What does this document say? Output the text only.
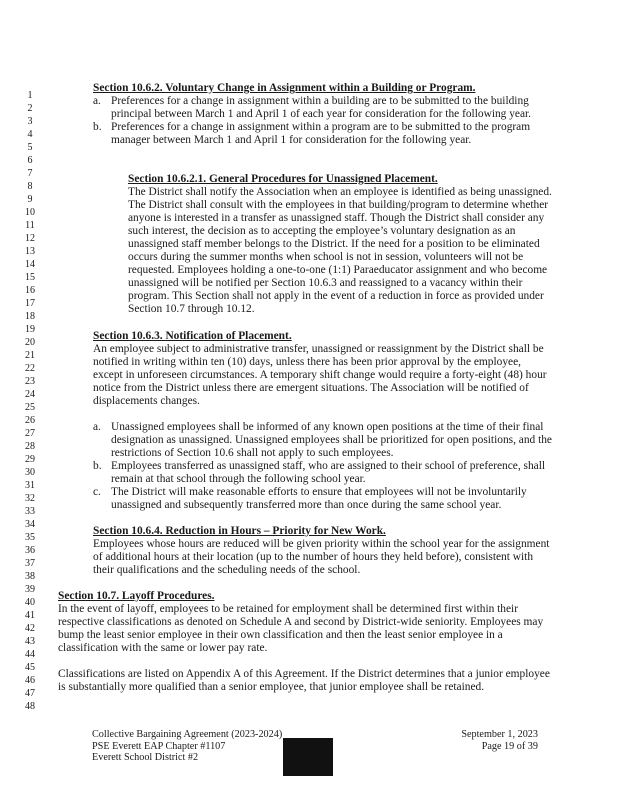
1
2
3
4
5
6
7
8
9
10
11
12
13
14
15
16
17
18
19
20
21
22
23
24
25
26
27
28
29
30
31
32
33
34
35
36
37
38
39
40
41
42
43
44
45
46
47
48
Section 10.6.2. Voluntary Change in Assignment within a Building or Program.
a. Preferences for a change in assignment within a building are to be submitted to the building
principal between March 1 and April 1 of each year for consideration for the following year.
b. Preferences for a change in assignment within a program are to be submitted to the program
manager between March 1 and April 1 for consideration for the following year.
Section 10.6.2.1. General Procedures for Unassigned Placement.
The District shall notify the Association when an employee is identified as being unassigned.
The District shall consult with the employees in that building/program to determine whether
anyone is interested in a transfer as unassigned staff. Though the District shall consider any
such interest, the decision as to accepting the employee’s voluntary designation as an
unassigned staff member belongs to the District. If the need for a position to be eliminated
occurs during the summer months when school is not in session, volunteers will not be
requested. Employees holding a one-to-one (1:1) Paraeducator assignment and who become
unassigned will be notified per Section 10.6.3 and reassigned to a vacancy within their
program. This Section shall not apply in the event of a reduction in force as provided under
Section 10.7 through 10.12.
Section 10.6.3. Notification of Placement.
An employee subject to administrative transfer, unassigned or reassignment by the District shall be
notified in writing within ten (10) days, unless there has been prior approval by the employee,
except in unforeseen circumstances. A temporary shift change would require a forty-eight (48) hour
notice from the District unless there are emergent situations. The Association will be notified of
displacements changes.
a. Unassigned employees shall be informed of any known open positions at the time of their final
designation as unassigned. Unassigned employees shall be prioritized for open positions, and the
restrictions of Section 10.6 shall not apply to such employees.
b. Employees transferred as unassigned staff, who are assigned to their school of preference, shall
remain at that school through the following school year.
c. The District will make reasonable efforts to ensure that employees will not be involuntarily
unassigned and subsequently transferred more than once during the same school year.
Section 10.6.4. Reduction in Hours – Priority for New Work.
Employees whose hours are reduced will be given priority within the school year for the assignment
of additional hours at their location (up to the number of hours they held before), consistent with
their qualifications and the scheduling needs of the school.
Section 10.7. Layoff Procedures.
In the event of layoff, employees to be retained for employment shall be determined first within their
respective classifications as denoted on Schedule A and second by District-wide seniority. Employees may
bump the least senior employee in their own classification and then the least senior employee in a
classification with the same or lower pay rate.
Classifications are listed on Appendix A of this Agreement. If the District determines that a junior employee
is substantially more qualified than a senior employee, that junior employee shall be retained.
Collective Bargaining Agreement (2023-2024)
PSE Everett EAP Chapter #1107
Everett School District #2
September 1, 2023
Page 19 of 39
